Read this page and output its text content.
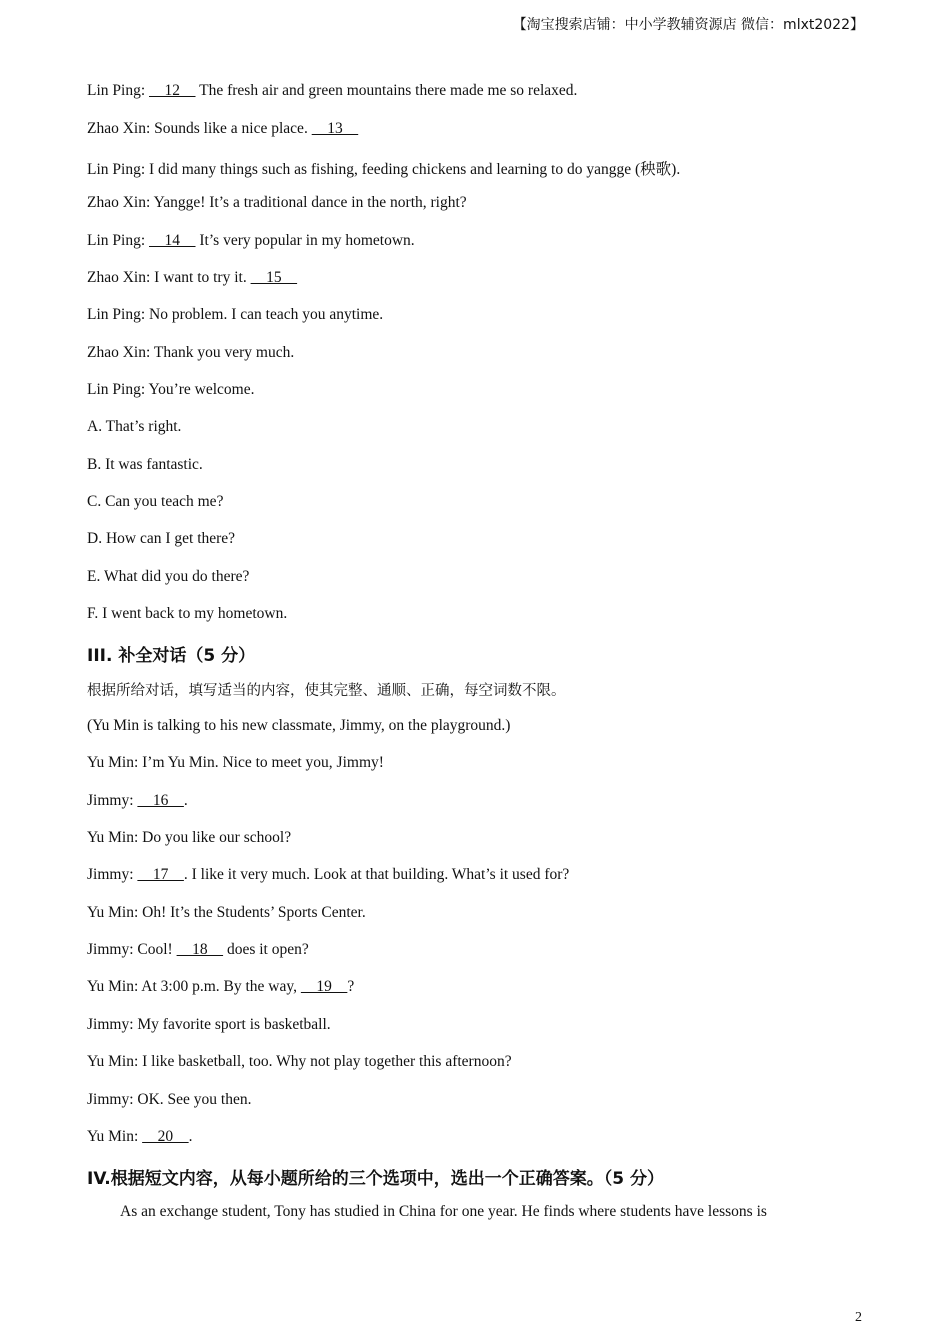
【淘宝搜索店铺：中小学教辅资源店 微信：mlxt2022】
Lin Ping:     12     The fresh air and green mountains there made me so relaxed.
Zhao Xin: Sounds like a nice place.     13
Lin Ping: I did many things such as fishing, feeding chickens and learning to do yangge (秧歌).
Zhao Xin: Yangge! It’s a traditional dance in the north, right?
Lin Ping:     14     It’s very popular in my hometown.
Zhao Xin: I want to try it.     15
Lin Ping: No problem. I can teach you anytime.
Zhao Xin: Thank you very much.
Lin Ping: You’re welcome.
A. That’s right.
B. It was fantastic.
C. Can you teach me?
D. How can I get there?
E. What did you do there?
F. I went back to my hometown.
III. 补全对话（5 分）
根据所给对话，填写适当的内容，使其完整、通顺、正确，每空词数不限。
(Yu Min is talking to his new classmate, Jimmy, on the playground.)
Yu Min: I’m Yu Min. Nice to meet you, Jimmy!
Jimmy:     16    .
Yu Min: Do you like our school?
Jimmy:     17    . I like it very much. Look at that building. What’s it used for?
Yu Min: Oh! It’s the Students’ Sports Center.
Jimmy: Cool!     18     does it open?
Yu Min: At 3:00 p.m. By the way,     19    ?
Jimmy: My favorite sport is basketball.
Yu Min: I like basketball, too. Why not play together this afternoon?
Jimmy: OK. See you then.
Yu Min:     20    .
IV.根据短文内容，从每小题所给的三个选项中，选出一个正确答案。（5 分）
As an exchange student, Tony has studied in China for one year. He finds where students have lessons is
2
